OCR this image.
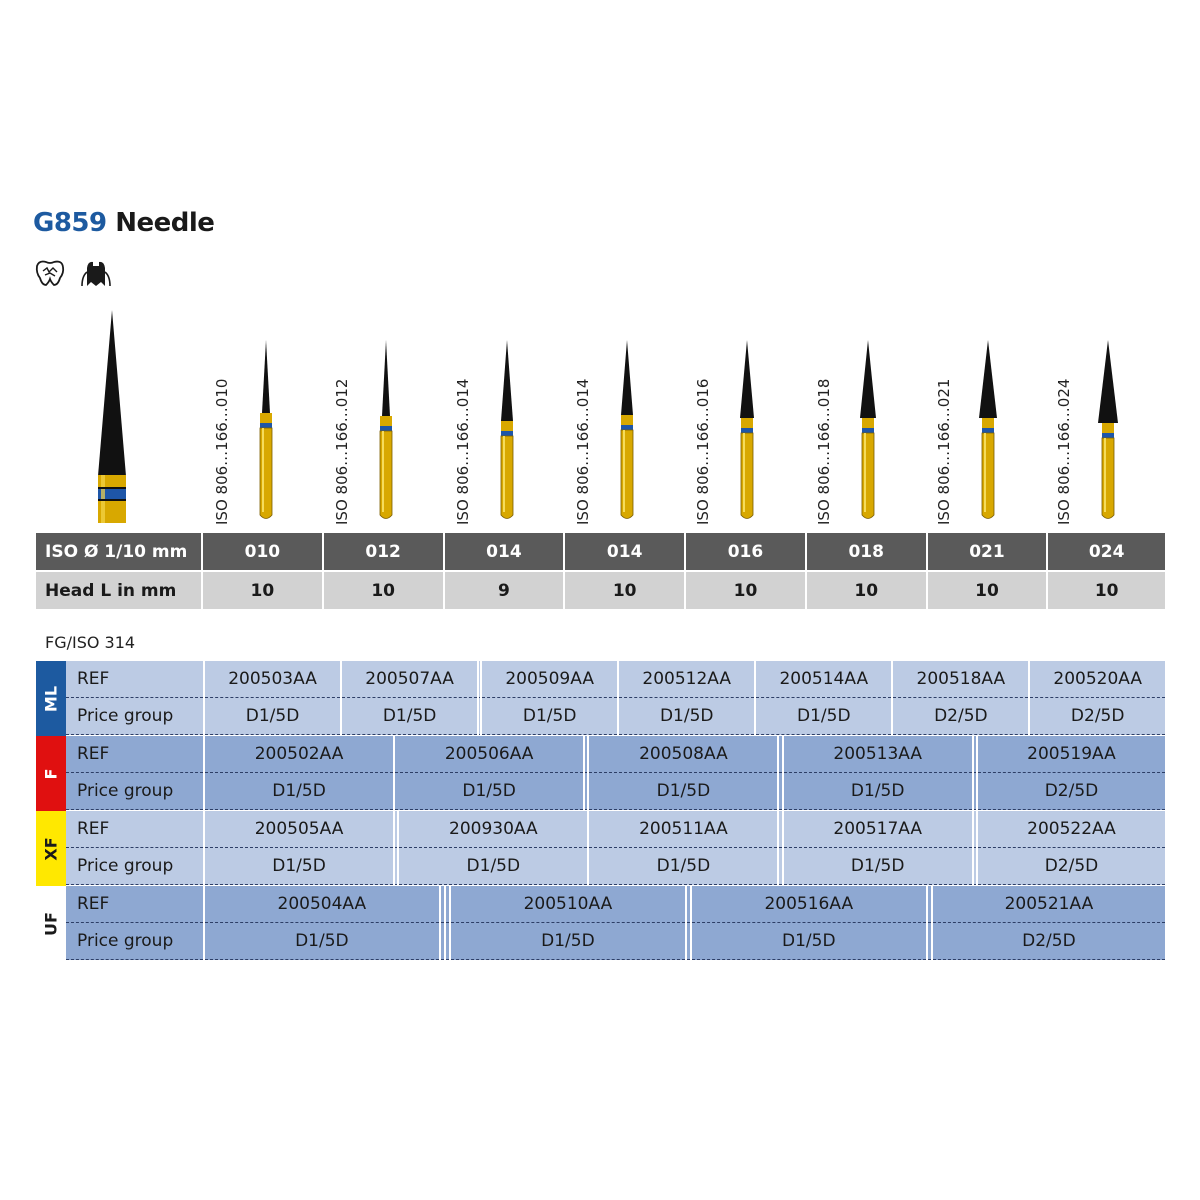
G859 Needle
ISO 806…166…010	ISO 806…166…012	ISO 806…166…014	ISO 806…166…014	ISO 806…166…016	ISO 806…166…018	ISO 806…166…021	ISO 806…166…024
ISO Ø 1/10 mm	010	012	014	014	016	018	021	024
Head L in mm	10	10	9	10	10	10	10	10
FG/ISO 314
ML
REF	200503AA	200507AA		200509AA	200512AA	200514AA	200518AA	200520AA
Price group	D1/5D	D1/5D		D1/5D	D1/5D	D1/5D	D2/5D	D2/5D
F
REF	200502AA	200506AA		200508AA		200513AA		200519AA
Price group	D1/5D	D1/5D		D1/5D		D1/5D		D2/5D
XF
REF	200505AA		200930AA	200511AA		200517AA		200522AA
Price group	D1/5D		D1/5D	D1/5D		D1/5D		D2/5D
UF
REF	200504AA			200510AA		200516AA		200521AA
Price group	D1/5D			D1/5D		D1/5D		D2/5D
